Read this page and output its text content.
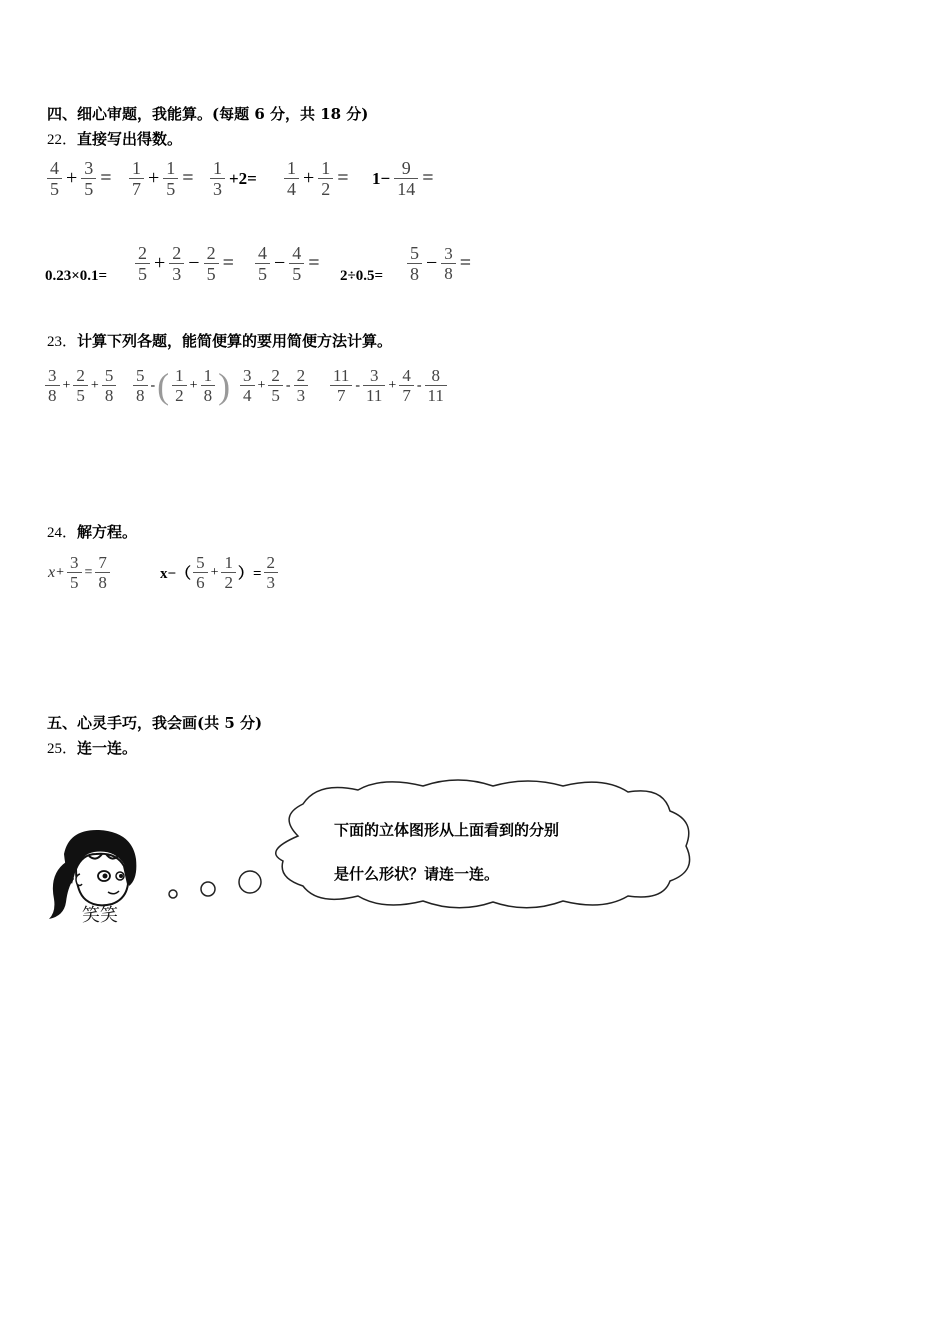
四、细心审题，我能算。(每题 6 分，共 18 分)
22．直接写出得数。
$\frac{4}{5} + \frac{3}{5} = \frac{1}{7} + \frac{1}{5} = \frac{1}{3} +2= \frac{1}{4} + \frac{1}{2} = 1- \frac{9}{14}$ =
$0.23\times 0.1= \frac{2}{5} + \frac{2}{3} - \frac{2}{5} = \frac{4}{5} - \frac{4}{5}$ =
$2\div 0.5= \frac{5}{8} - \frac{3}{8}$ =
23．计算下列各题，能简便算的要用简便方法计算。
$\frac{3}{8} + \frac{2}{5} + \frac{5}{8} \frac{5}{8}$ - ( $\frac{1}{2} + \frac{1}{8}$ ) $\frac{3}{4} + \frac{2}{5} - \frac{2}{3} \frac{11}{7} - \frac{3}{11} + \frac{4}{7} - \frac{8}{11}$
24．解方程。
$x + \frac{3}{5} = \frac{7}{8}$	$x-( \frac{5}{6} + \frac{1}{2}$ ）= $\frac{2}{3}$
五、心灵手巧，我会画(共 5 分)
25．连一连。
笑笑
下面的立体图形从上面看到的分别
是什么形状？请连一连。
